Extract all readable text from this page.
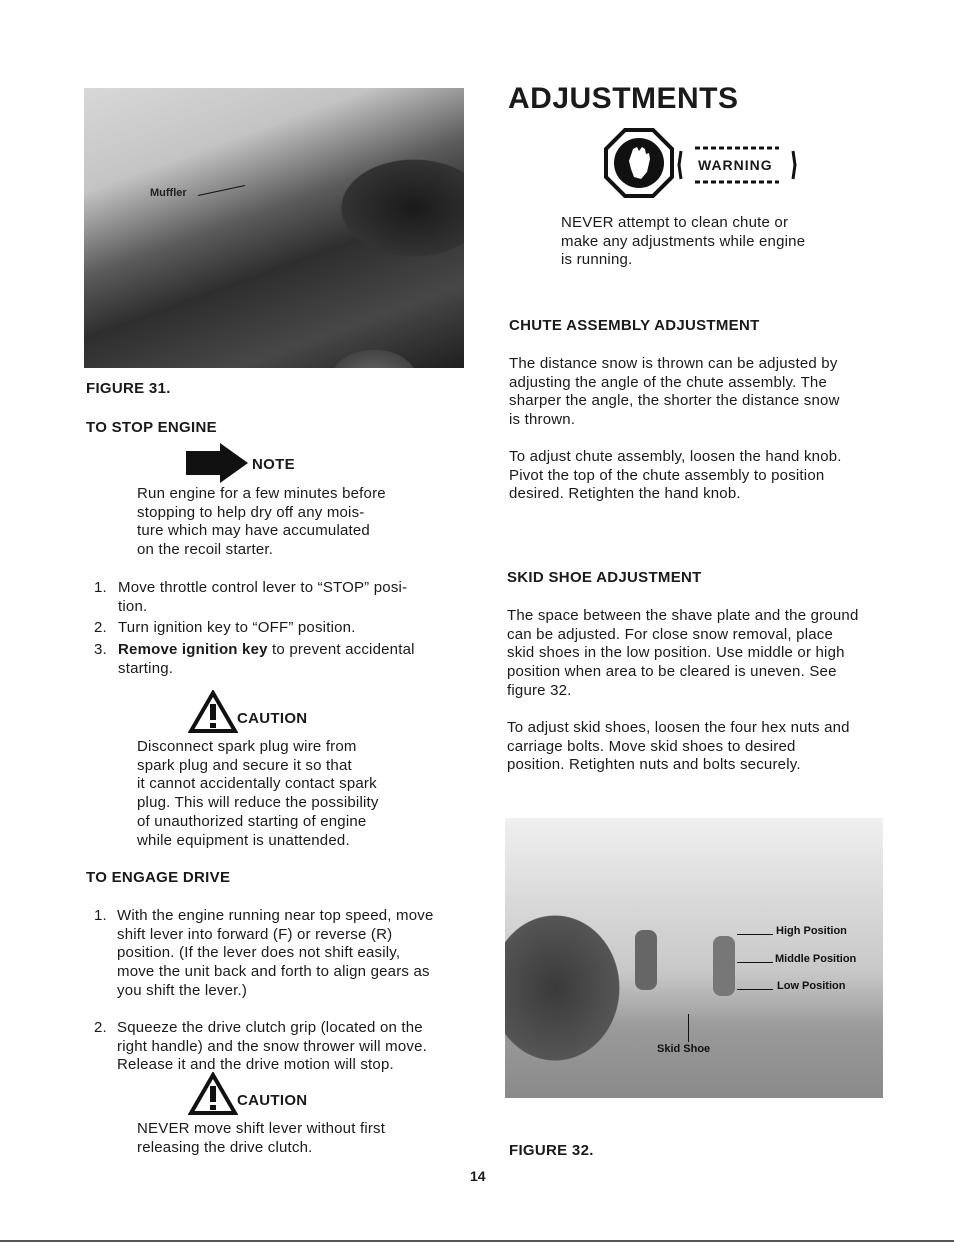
Muffler
FIGURE 31.
TO STOP ENGINE
NOTE
Run engine for a few minutes before
stopping to help dry off any mois-
ture which may have accumulated
on the recoil starter.
1. Move throttle control lever to “STOP” posi-
tion.
2. Turn ignition key to “OFF” position.
3. Remove ignition key to prevent accidental
starting.
CAUTION
Disconnect spark plug wire from
spark plug and secure it so that
it cannot accidentally contact spark
plug. This will reduce the possibility
of unauthorized starting of engine
while equipment is unattended.
TO ENGAGE DRIVE
1. With the engine running near top speed, move
shift lever into forward (F) or reverse (R)
position. (If the lever does not shift easily,
move the unit back and forth to align gears as
you shift the lever.)
2. Squeeze the drive clutch grip (located on the
right handle) and the snow thrower will move.
Release it and the drive motion will stop.
CAUTION
NEVER move shift lever without first
releasing the drive clutch.
ADJUSTMENTS
WARNING
NEVER attempt to clean chute or
make any adjustments while engine
is running.
CHUTE ASSEMBLY ADJUSTMENT
The distance snow is thrown can be adjusted by
adjusting the angle of the chute assembly. The
sharper the angle, the shorter the distance snow
is thrown.
To adjust chute assembly, loosen the hand knob.
Pivot the top of the chute assembly to position
desired. Retighten the hand knob.
SKID SHOE ADJUSTMENT
The space between the shave plate and the ground
can be adjusted. For close snow removal, place
skid shoes in the low position. Use middle or high
position when area to be cleared is uneven. See
figure 32.
To adjust skid shoes, loosen the four hex nuts and
carriage bolts. Move skid shoes to desired
position. Retighten nuts and bolts securely.
High Position
Middle Position
Low Position
Skid Shoe
FIGURE 32.
14
